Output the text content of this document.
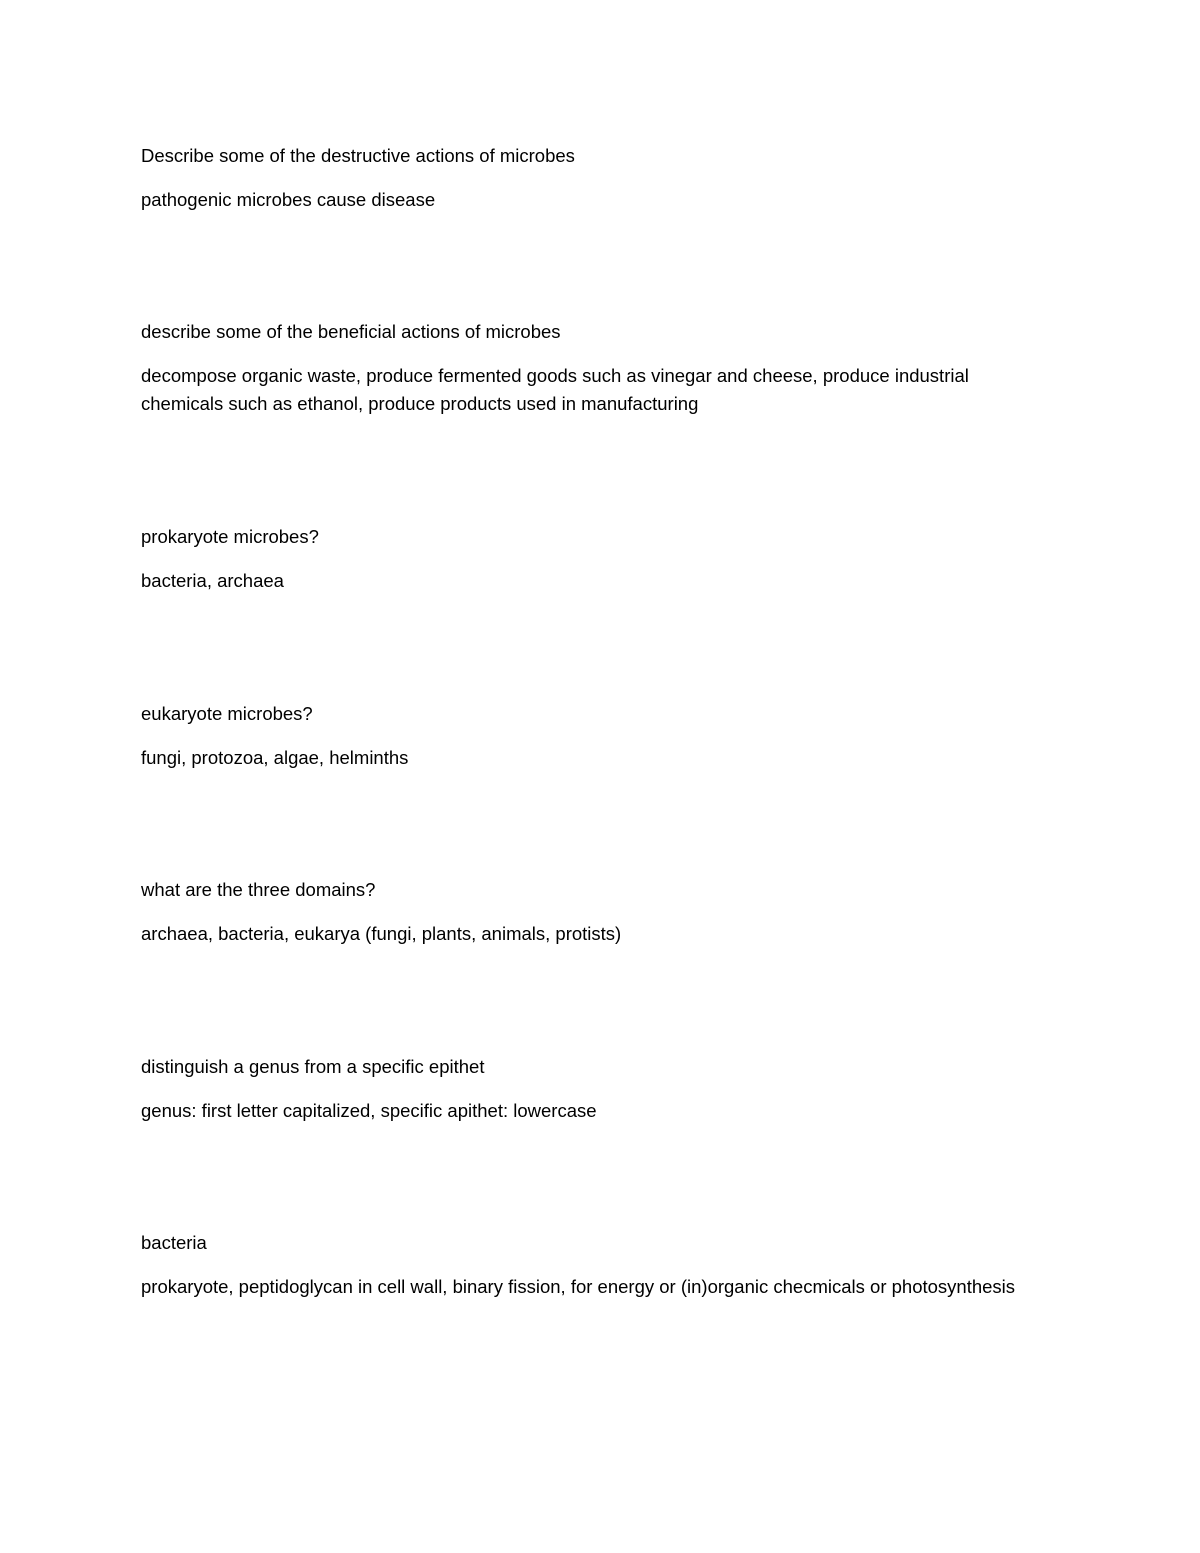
Describe some of the destructive actions of microbes

pathogenic microbes cause disease

describe some of the beneficial actions of microbes

decompose organic waste, produce fermented goods such as vinegar and cheese, produce industrial chemicals such as ethanol, produce products used in manufacturing

prokaryote microbes?

bacteria, archaea

eukaryote microbes?

fungi, protozoa, algae, helminths

what are the three domains?

archaea, bacteria, eukarya (fungi, plants, animals, protists)

distinguish a genus from a specific epithet

genus: first letter capitalized, specific apithet: lowercase

bacteria

prokaryote, peptidoglycan in cell wall, binary fission, for energy or (in)organic checmicals or photosynthesis
